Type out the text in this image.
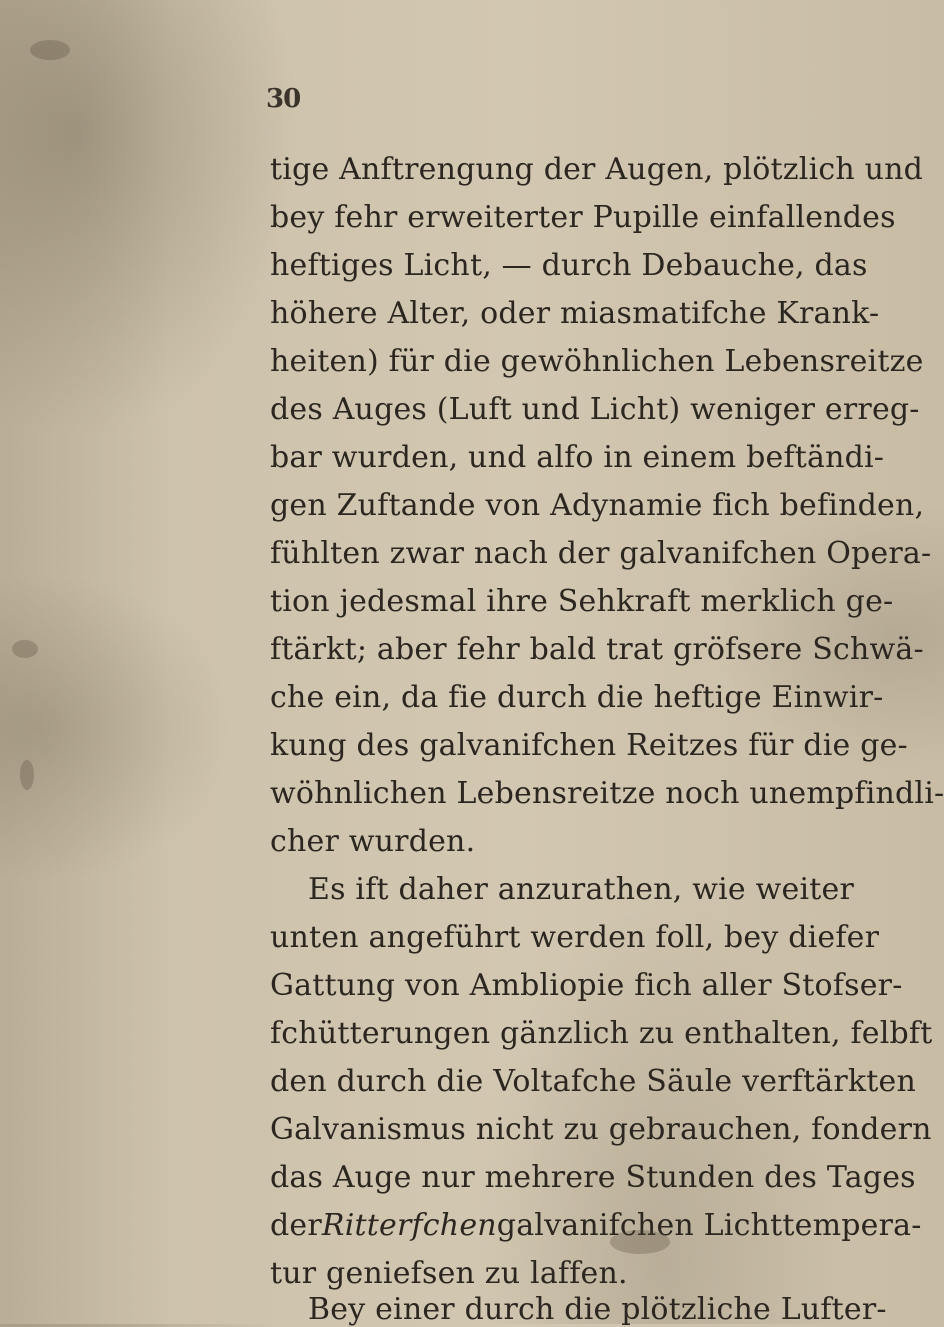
30
tige Anftrengung der Augen, plötzlich und
bey fehr erweiterter Pupille einfallendes
heftiges Licht, — durch Debauche, das
höhere Alter, oder miasmatifche Krank-
heiten) für die gewöhnlichen Lebensreitze
des Auges (Luft und Licht) weniger erreg-
bar wurden, und alfo in einem beftändi-
gen Zuftande von Adynamie fich befinden,
fühlten zwar nach der galvanifchen Opera-
tion jedesmal ihre Sehkraft merklich ge-
ftärkt; aber fehr bald trat gröfsere Schwä-
che ein, da fie durch die heftige Einwir-
kung des galvanifchen Reitzes für die ge-
wöhnlichen Lebensreitze noch unempfindli-
cher wurden.
Es ift daher anzurathen, wie weiter
unten angeführt werden foll, bey diefer
Gattung von Ambliopie fich aller Stofser-
fchütterungen gänzlich zu enthalten, felbft
den durch die Voltafche Säule verftärkten
Galvanismus nicht zu gebrauchen, fondern
das Auge nur mehrere Stunden des Tages
der Ritterfchen galvanifchen Lichttempera-
tur geniefsen zu laffen.
Bey einer durch die plötzliche Lufter-
